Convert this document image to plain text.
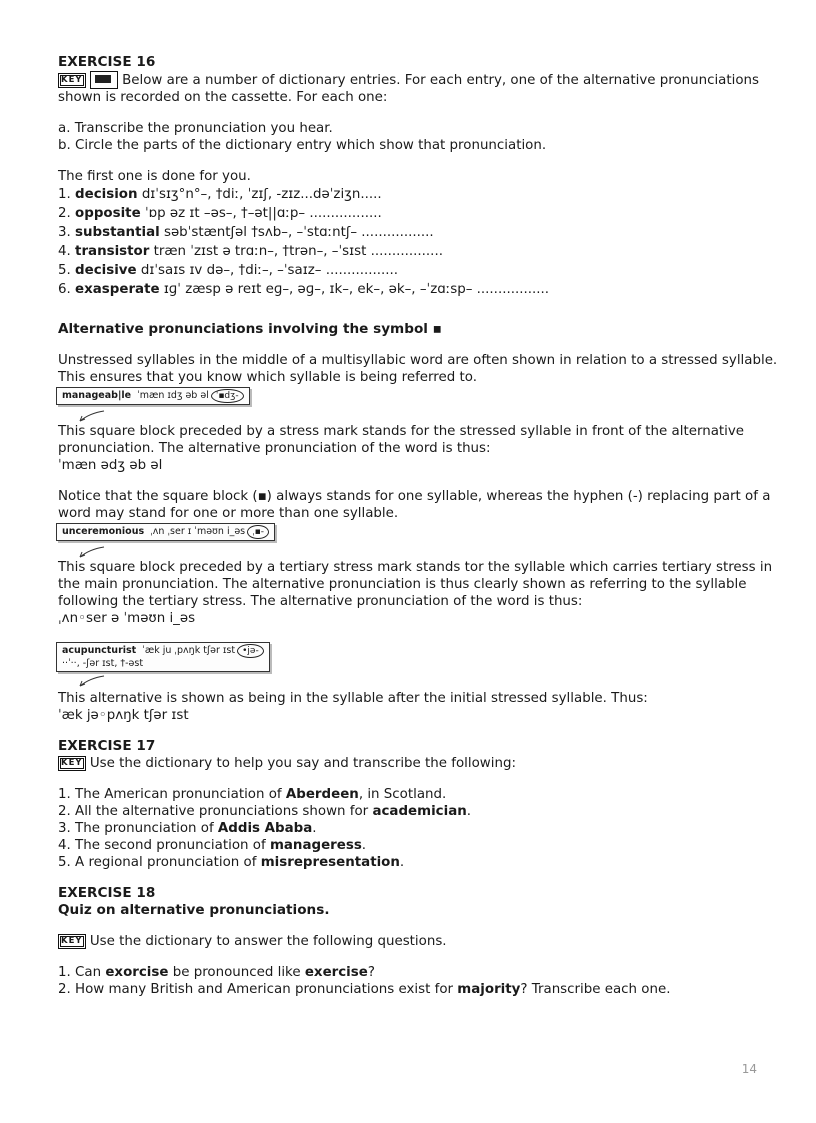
EXERCISE 16

KEY	Below are a number of dictionary entries. For each entry, one of the alternative pronunciations shown is recorded on the cassette. For each one:

a. Transcribe the pronunciation you hear.

b. Circle the parts of the dictionary entry which show that pronunciation.

The first one is done for you.

1. decision dɪˈsɪʒ°n°–, †diː, ˈzɪʃ, -ᴢɪᴢ...dəˈziʒn.....

2. opposite ˈɒp əz ɪt –əs–, †–ət||ɑːp– .................

3. substantial səbˈstæntʃəl †sʌb–, –ˈstɑːntʃ– .................

4. transistor træn ˈzɪst ə trɑːn–, †trən–, –ˈsɪst .................

5. decisive dɪˈsaɪs ɪv də–, †diː–, –ˈsaɪz– .................

6. exasperate ɪɡˈ zæsp ə reɪt eɡ–, əɡ–, ɪk–, ek–, ək–, –ˈzɑːsp– .................

Alternative pronunciations involving the symbol ▪

Unstressed syllables in the middle of a multisyllabic word are often shown in relation to a stressed syllable. This ensures that you know which syllable is being referred to.

manageab|le ˈmæn ɪdʒ əb əl ˈ▪dʒ-

This square block preceded by a stress mark stands for the stressed syllable in front of the alternative pronunciation. The alternative pronunciation of the word is thus:

ˈmæn ədʒ əb əl

Notice that the square block (▪) always stands for one syllable, whereas the hyphen (-) replacing part of a word may stand for one or more than one syllable.

unceremonious ˌʌn ˌser ɪ ˈməʊn i_əs ˌ▪-

This square block preceded by a tertiary stress mark stands tor the syllable which carries tertiary stress in the main pronunciation. The alternative pronunciation is thus clearly shown as referring to the syllable following the tertiary stress. The alternative pronunciation of the word is thus:

ˌʌn◦ser ə ˈməʊn i_əs

acupuncturist ˈæk ju ˌpʌŋk tʃər ɪst •jə-
··ˈ··, -ʃər ɪst, †-əst

This alternative is shown as being in the syllable after the initial stressed syllable. Thus:

ˈæk jə◦pʌŋk tʃər ɪst

EXERCISE 17

KEY Use the dictionary to help you say and transcribe the following:

1. The American pronunciation of Aberdeen, in Scotland.

2. All the alternative pronunciations shown for academician.

3. The pronunciation of Addis Ababa.

4. The second pronunciation of manageress.

5. A regional pronunciation of misrepresentation.

EXERCISE 18

Quiz on alternative pronunciations.

KEY Use the dictionary to answer the following questions.

1. Can exorcise be pronounced like exercise?

2. How many British and American pronunciations exist for majority? Transcribe each one.

14
